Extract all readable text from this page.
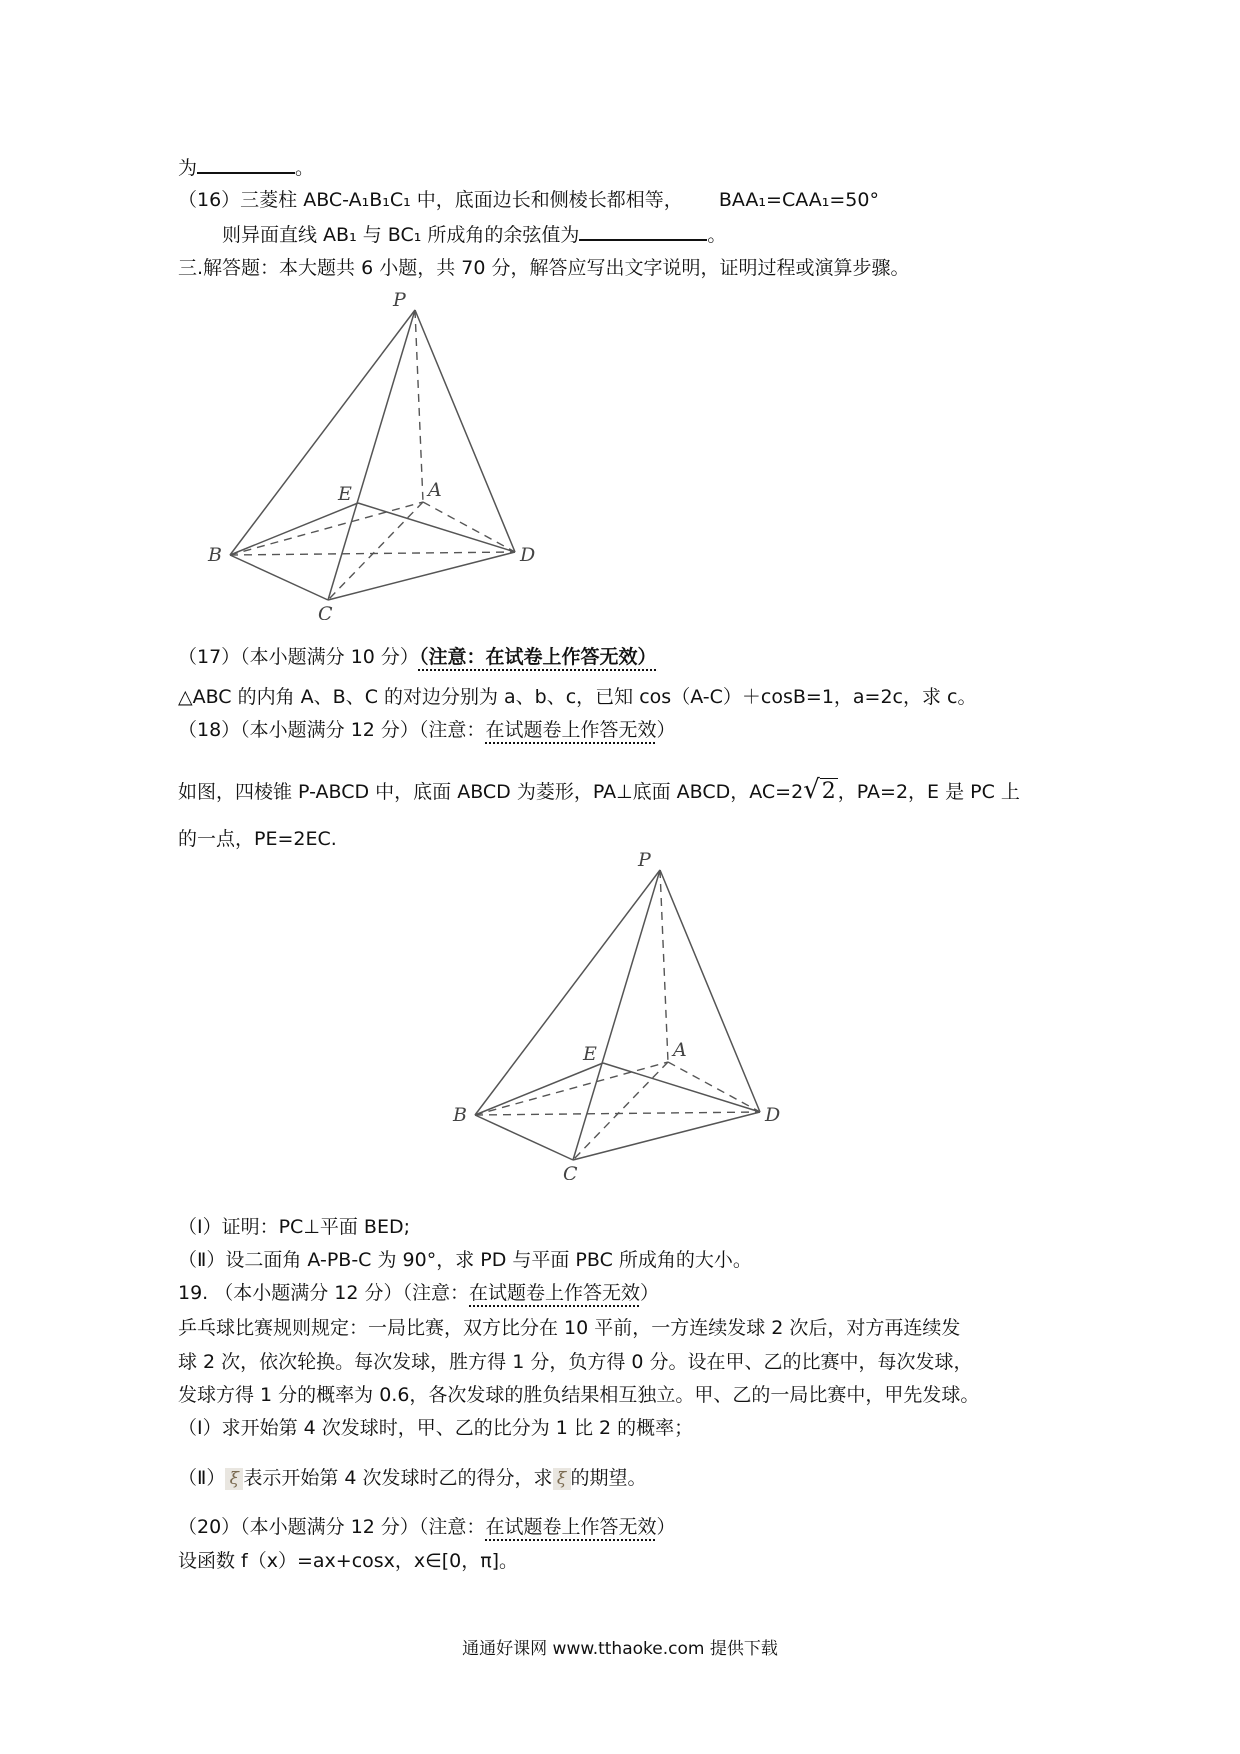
为	。
（16）三菱柱 ABC-A₁B₁C₁ 中，底面边长和侧棱长都相等， BAA₁=CAA₁=50°
则异面直线 AB₁ 与 BC₁ 所成角的余弦值为	。
三.解答题：本大题共 6 小题，共 70 分，解答应写出文字说明，证明过程或演算步骤。
P
E	A
B
C
D
（17）（本小题满分 10 分）（注意：在试卷上作答无效）
△ABC 的内角 A、B、C 的对边分别为 a、b、c，已知 cos（A-C）＋cosB=1，a=2c，求 c。
（18）（本小题满分 12 分）（注意：在试题卷上作答无效）
如图，四棱锥 P-ABCD 中，底面 ABCD 为菱形，PA⊥底面 ABCD，AC=2√2 ，PA=2，E 是 PC 上
的一点，PE=2EC.
P
E	A
B
C
D
（Ⅰ）证明：PC⊥平面 BED;
（Ⅱ）设二面角 A-PB-C 为 90°，求 PD 与平面 PBC 所成角的大小。
19. （本小题满分 12 分）（注意：在试题卷上作答无效）
乒乓球比赛规则规定：一局比赛，双方比分在 10 平前，一方连续发球 2 次后，对方再连续发
球 2 次，依次轮换。每次发球，胜方得 1 分，负方得 0 分。设在甲、乙的比赛中，每次发球，
发球方得 1 分的概率为 0.6，各次发球的胜负结果相互独立。甲、乙的一局比赛中，甲先发球。
（Ⅰ）求开始第 4 次发球时，甲、乙的比分为 1 比 2 的概率；
（Ⅱ） ξ 表示开始第 4 次发球时乙的得分，求 ξ 的期望。
（20）（本小题满分 12 分）（注意：在试题卷上作答无效）
设函数 f（x）=ax+cosx，x∈[0，π]。
通通好课网 www.tthaoke.com 提供下载
